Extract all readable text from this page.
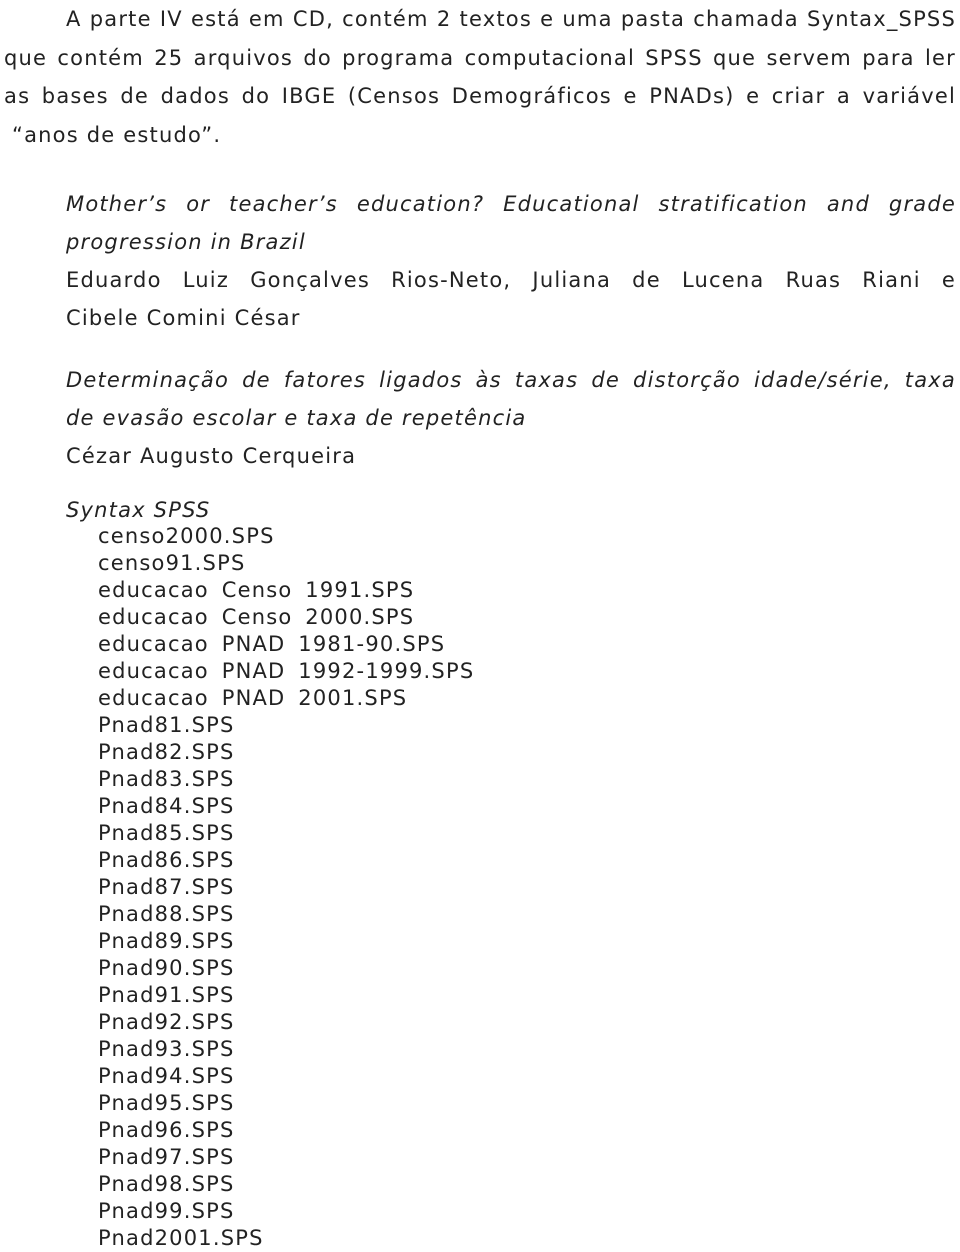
A parte IV está em CD, contém 2 textos e uma pasta chamada Syntax_SPSS
que contém 25 arquivos do programa computacional SPSS que servem para ler
as bases de dados do IBGE (Censos Demográficos e PNADs) e criar a variável
“anos de estudo”.
Mother’s or teacher’s education? Educational stratification and grade
progression in Brazil
Eduardo Luiz Gonçalves Rios-Neto, Juliana de Lucena Ruas Riani e
Cibele Comini César
Determinação de fatores ligados às taxas de distorção idade/série, taxa
de evasão escolar e taxa de repetência
Cézar Augusto Cerqueira
Syntax SPSS
censo2000.SPS
censo91.SPS
educacao Censo 1991.SPS
educacao Censo 2000.SPS
educacao PNAD 1981-90.SPS
educacao PNAD 1992-1999.SPS
educacao PNAD 2001.SPS
Pnad81.SPS
Pnad82.SPS
Pnad83.SPS
Pnad84.SPS
Pnad85.SPS
Pnad86.SPS
Pnad87.SPS
Pnad88.SPS
Pnad89.SPS
Pnad90.SPS
Pnad91.SPS
Pnad92.SPS
Pnad93.SPS
Pnad94.SPS
Pnad95.SPS
Pnad96.SPS
Pnad97.SPS
Pnad98.SPS
Pnad99.SPS
Pnad2001.SPS
